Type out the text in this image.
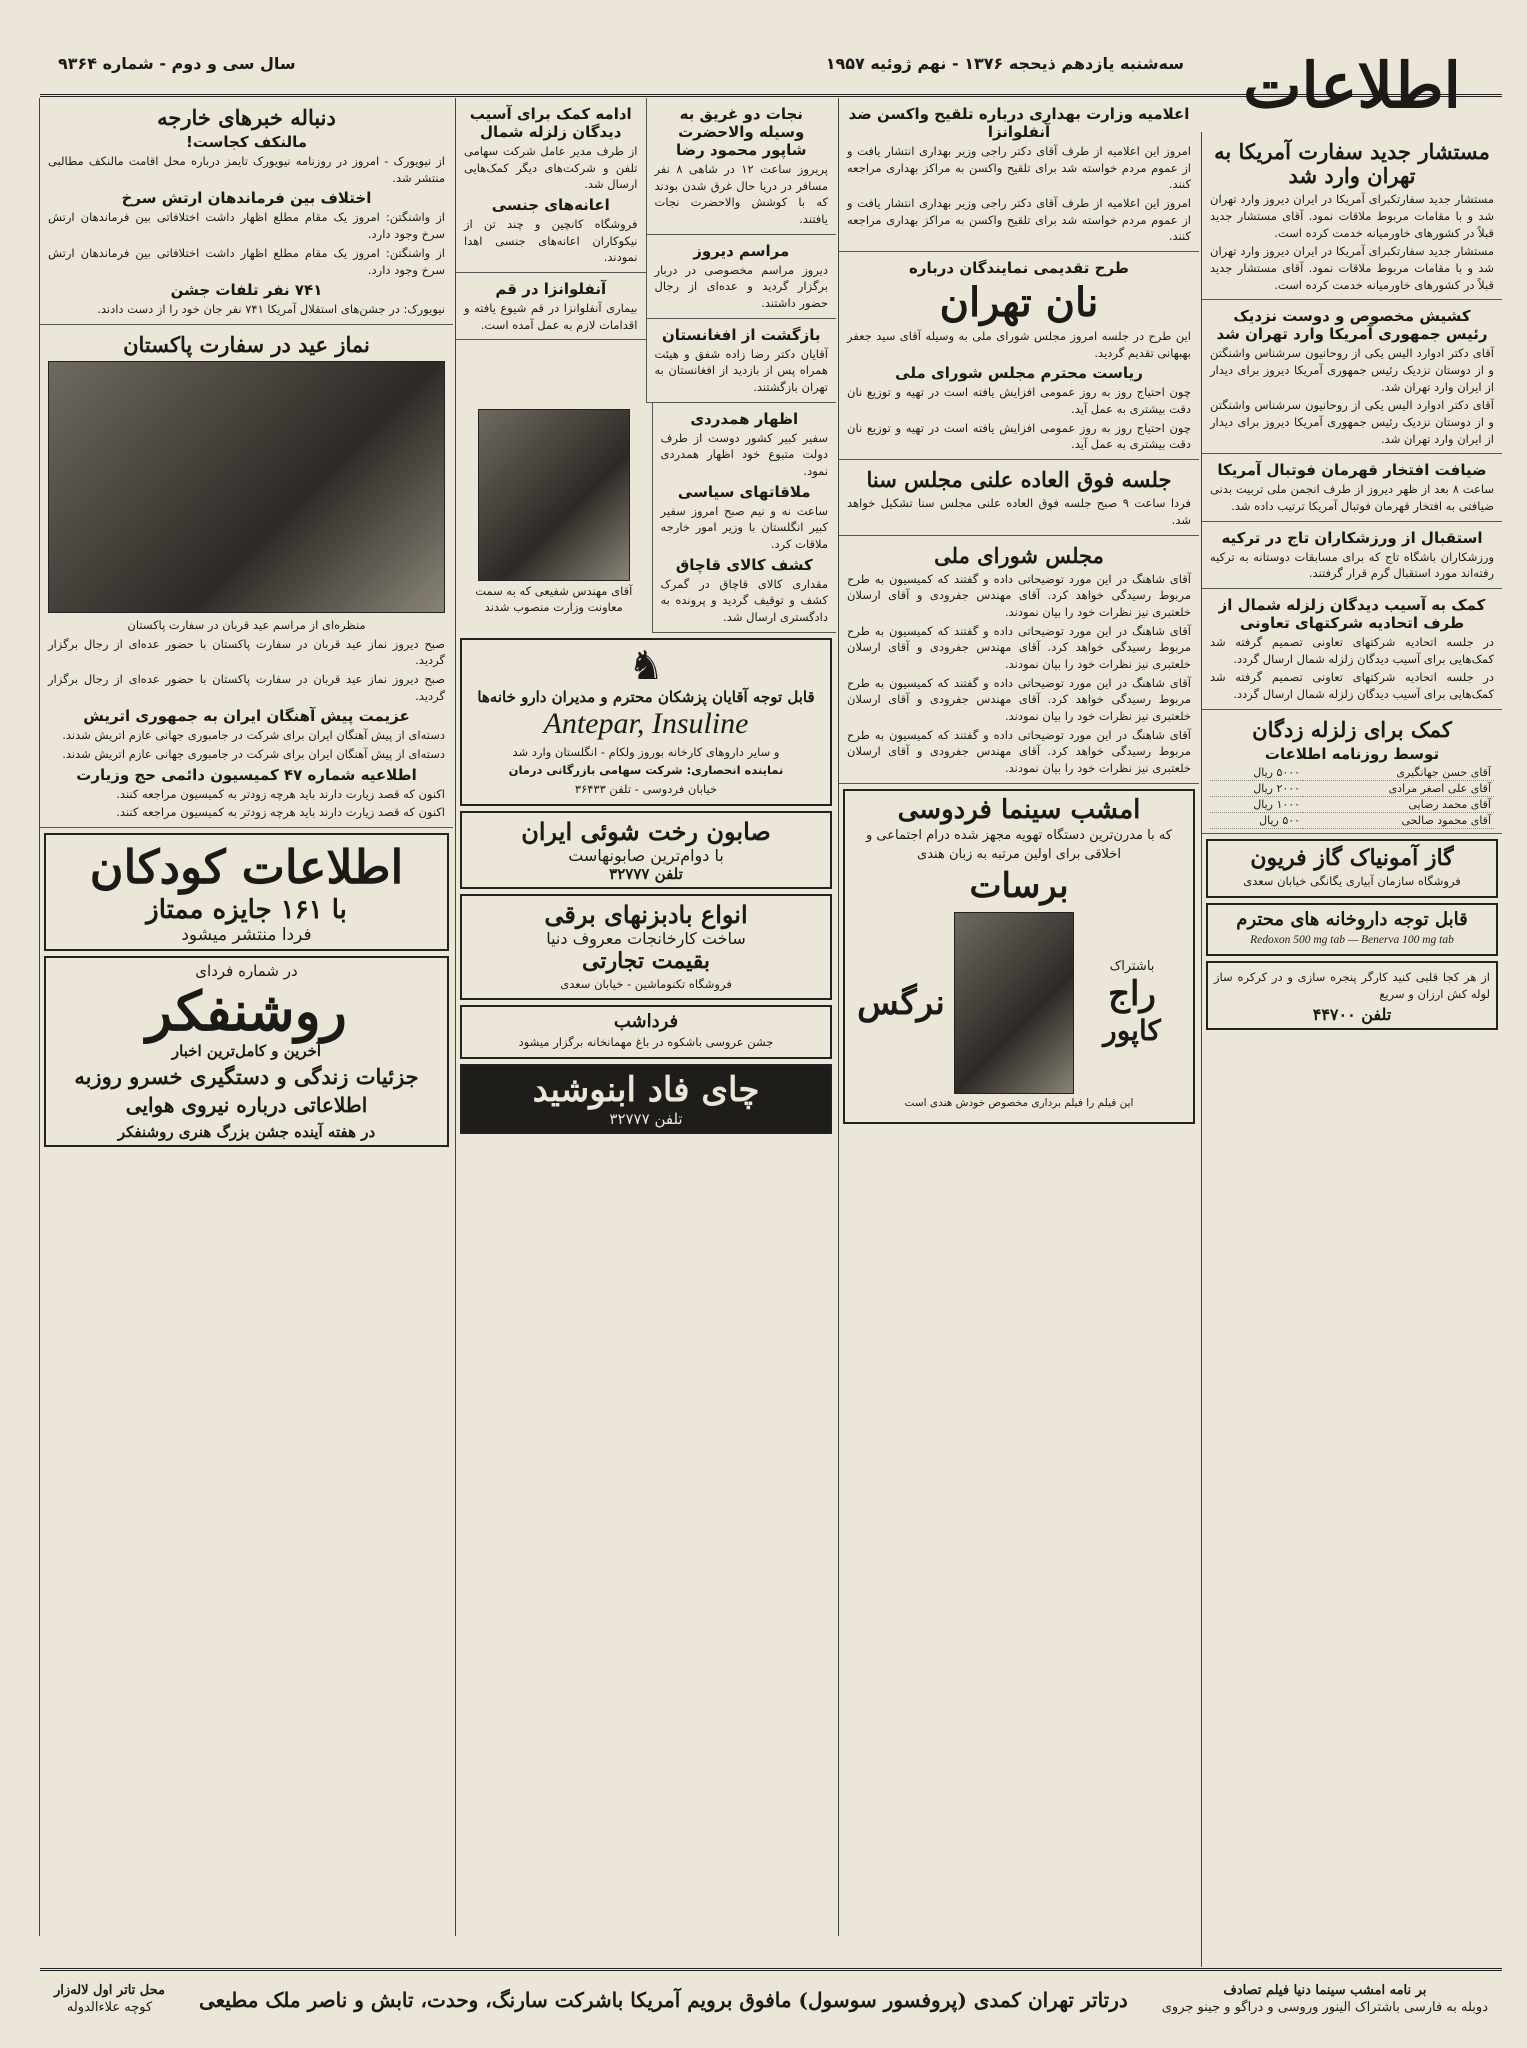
سه‌شنبه یازدهم ذیحجه ۱۳۷۶ - نهم ژوئیه ۱۹۵۷
سال سی و دوم - شماره ۹۳۶۴	اطلاعات
مستشار جدید سفارت آمریکا به تهران وارد شد

مستشار جدید سفارتکبرای آمریکا در ایران دیروز وارد تهران شد و با مقامات مربوط ملاقات نمود. آقای مستشار جدید قبلاً در کشورهای خاورمیانه خدمت کرده است.

مستشار جدید سفارتکبرای آمریکا در ایران دیروز وارد تهران شد و با مقامات مربوط ملاقات نمود. آقای مستشار جدید قبلاً در کشورهای خاورمیانه خدمت کرده است.

کشیش مخصوص و دوست نزدیک رئیس جمهوری آمریکا وارد تهران شد

آقای دکتر ادوارد الیس یکی از روحانیون سرشناس واشنگتن و از دوستان نزدیک رئیس جمهوری آمریکا دیروز برای دیدار از ایران وارد تهران شد.

آقای دکتر ادوارد الیس یکی از روحانیون سرشناس واشنگتن و از دوستان نزدیک رئیس جمهوری آمریکا دیروز برای دیدار از ایران وارد تهران شد.

ضیافت افتخار قهرمان فوتبال آمریکا

ساعت ۸ بعد از ظهر دیروز از طرف انجمن ملی تربیت بدنی ضیافتی به افتخار قهرمان فوتبال آمریکا ترتیب داده شد.

استقبال از ورزشکاران تاج در ترکیه

ورزشکاران باشگاه تاج که برای مسابقات دوستانه به ترکیه رفته‌اند مورد استقبال گرم قرار گرفتند.

کمک به آسیب دیدگان زلزله شمال از طرف اتحادیه شرکتهای تعاونی

در جلسه اتحادیه شرکتهای تعاونی تصمیم گرفته شد کمک‌هایی برای آسیب دیدگان زلزله شمال ارسال گردد.

در جلسه اتحادیه شرکتهای تعاونی تصمیم گرفته شد کمک‌هایی برای آسیب دیدگان زلزله شمال ارسال گردد.

کمک برای زلزله زدگان
توسط روزنامه اطلاعات
آقای حسن جهانگیری	۵۰۰۰ ریال
آقای علی اصغر مرادی	۲۰۰۰ ریال
آقای محمد رضایی	۱۰۰۰ ریال
آقای محمود صالحی	۵۰۰ ریال
گاز آمونیاک گاز فریون

فروشگاه سازمان آبیاری یگانگی خیابان سعدی

قابل توجه داروخانه های محترم

Redoxon 500 mg tab — Benerva 100 mg tab

از هر کجا قلبی کنید کارگر پنجره سازی و در کرکره ساز لوله کش ارزان و سریع

تلفن ۴۴۷۰۰
اعلامیه وزارت بهداری درباره تلقیح واکسن ضد آنفلوانزا

امروز این اعلامیه از طرف آقای دکتر راجی وزیر بهداری انتشار یافت و از عموم مردم خواسته شد برای تلقیح واکسن به مراکز بهداری مراجعه کنند.

امروز این اعلامیه از طرف آقای دکتر راجی وزیر بهداری انتشار یافت و از عموم مردم خواسته شد برای تلقیح واکسن به مراکز بهداری مراجعه کنند.

طرح تقدیمی نمایندگان درباره
نان تهران

این طرح در جلسه امروز مجلس شورای ملی به وسیله آقای سید جعفر بهبهانی تقدیم گردید.

ریاست محترم مجلس شورای ملی

چون احتیاج روز به روز عمومی افزایش یافته است در تهیه و توزیع نان دقت بیشتری به عمل آید.

چون احتیاج روز به روز عمومی افزایش یافته است در تهیه و توزیع نان دقت بیشتری به عمل آید.

جلسه فوق العاده علنی مجلس سنا

فردا ساعت ۹ صبح جلسه فوق العاده علنی مجلس سنا تشکیل خواهد شد.

مجلس شورای ملی

آقای شاهنگ در این مورد توضیحاتی داده و گفتند که کمیسیون به طرح مربوط رسیدگی خواهد کرد. آقای مهندس جفرودی و آقای ارسلان خلعتبری نیز نظرات خود را بیان نمودند.

آقای شاهنگ در این مورد توضیحاتی داده و گفتند که کمیسیون به طرح مربوط رسیدگی خواهد کرد. آقای مهندس جفرودی و آقای ارسلان خلعتبری نیز نظرات خود را بیان نمودند.

آقای شاهنگ در این مورد توضیحاتی داده و گفتند که کمیسیون به طرح مربوط رسیدگی خواهد کرد. آقای مهندس جفرودی و آقای ارسلان خلعتبری نیز نظرات خود را بیان نمودند.

آقای شاهنگ در این مورد توضیحاتی داده و گفتند که کمیسیون به طرح مربوط رسیدگی خواهد کرد. آقای مهندس جفرودی و آقای ارسلان خلعتبری نیز نظرات خود را بیان نمودند.

امشب سینما فردوسی

که با مدرن‌ترین دستگاه تهویه مجهز شده درام اجتماعی و اخلاقی برای اولین مرتبه به زبان هندی

برسات
باشتراک
راج
کاپور
نرگس

این فیلم را فیلم برداری مخصوص خودش هندی است

نجات دو غریق به وسیله والاحضرت شاپور محمود رضا

پریروز ساعت ۱۲ در شاهی ۸ نفر مسافر در دریا حال غرق شدن بودند که با کوشش والاحضرت نجات یافتند.

مراسم دیروز

دیروز مراسم مخصوصی در دربار برگزار گردید و عده‌ای از رجال حضور داشتند.

بازگشت از افغانستان

آقایان دکتر رضا زاده شفق و هیئت همراه پس از بازدید از افغانستان به تهران بازگشتند.

ادامه کمک برای آسیب دیدگان زلزله شمال

از طرف مدیر عامل شرکت سهامی تلفن و شرکت‌های دیگر کمک‌هایی ارسال شد.

اعانه‌های جنسی

فروشگاه کانچین و چند تن از نیکوکاران اعانه‌های جنسی اهدا نمودند.

آنفلوانزا در قم

بیماری آنفلوانزا در قم شیوع یافته و اقدامات لازم به عمل آمده است.

اظهار همدردی

سفیر کبیر کشور دوست از طرف دولت متبوع خود اظهار همدردی نمود.

ملاقاتهای سیاسی

ساعت نه و نیم صبح امروز سفیر کبیر انگلستان با وزیر امور خارجه ملاقات کرد.

کشف کالای قاچاق

مقداری کالای قاچاق در گمرک کشف و توقیف گردید و پرونده به دادگستری ارسال شد.

آقای مهندس شفیعی که به سمت معاونت وزارت منصوب شدند

♞
قابل توجه آقایان پزشکان محترم و مدیران دارو خانه‌ها
Antepar, Insuline

و سایر داروهای کارخانه بوروز ولکام - انگلستان وارد شد

نماینده انحصاری: شرکت سهامی بازرگانی درمان

خیابان فردوسی - تلفن ۳۶۴۳۳

صابون رخت شوئی ایران
با دوام‌ترین صابونهاست
تلفن ۳۲۷۷۷
انواع بادبزنهای برقی
ساخت کارخانجات معروف دنیا
بقیمت تجارتی

فروشگاه تکنوماشین - خیابان سعدی

فرداشب

جشن عروسی باشکوه در باغ مهمانخانه برگزار میشود

چای فاد ابنوشید
تلفن ۳۲۷۷۷
دنباله خبرهای خارجه
مالنکف کجاست!

از نیویورک - امروز در روزنامه نیویورک تایمز درباره محل اقامت مالنکف مطالبی منتشر شد.

اختلاف بین فرماندهان ارتش سرخ

از واشنگتن: امروز یک مقام مطلع اظهار داشت اختلافاتی بین فرماندهان ارتش سرخ وجود دارد.

از واشنگتن: امروز یک مقام مطلع اظهار داشت اختلافاتی بین فرماندهان ارتش سرخ وجود دارد.

۷۴۱ نفر تلفات جشن

نیویورک: در جشن‌های استقلال آمریکا ۷۴۱ نفر جان خود را از دست دادند.

نماز عید در سفارت پاکستان

منظره‌ای از مراسم عید قربان در سفارت پاکستان

صبح دیروز نماز عید قربان در سفارت پاکستان با حضور عده‌ای از رجال برگزار گردید.

صبح دیروز نماز عید قربان در سفارت پاکستان با حضور عده‌ای از رجال برگزار گردید.

عزیمت پیش آهنگان ایران به جمهوری اتریش

دسته‌ای از پیش آهنگان ایران برای شرکت در جامبوری جهانی عازم اتریش شدند.

دسته‌ای از پیش آهنگان ایران برای شرکت در جامبوری جهانی عازم اتریش شدند.

اطلاعیه شماره ۴۷ کمیسیون دائمی حج وزیارت

اکنون که قصد زیارت دارند باید هرچه زودتر به کمیسیون مراجعه کنند.

اکنون که قصد زیارت دارند باید هرچه زودتر به کمیسیون مراجعه کنند.

اطلاعات کودکان
با ۱۶۱ جایزه ممتاز
فردا منتشر میشود
در شماره فردای
روشنفکر
آخرین و کامل‌ترین اخبار
جزئیات زندگی و دستگیری خسرو روزبه
اطلاعاتی درباره نیروی هوایی
در هفته آینده جشن بزرگ هنری روشنفکر
بر نامه امشب سینما دنیا فیلم تصادف
دوبله به فارسی باشتراک الینور وروسی و دراگو و جینو جروی
درتاتر تهران کمدی (پروفسور سوسول) مافوق برویم آمریکا باشرکت سارنگ، وحدت، تابش و ناصر ملک مطیعی
محل تاتر اول لاله‌زار
کوچه علاءالدوله
